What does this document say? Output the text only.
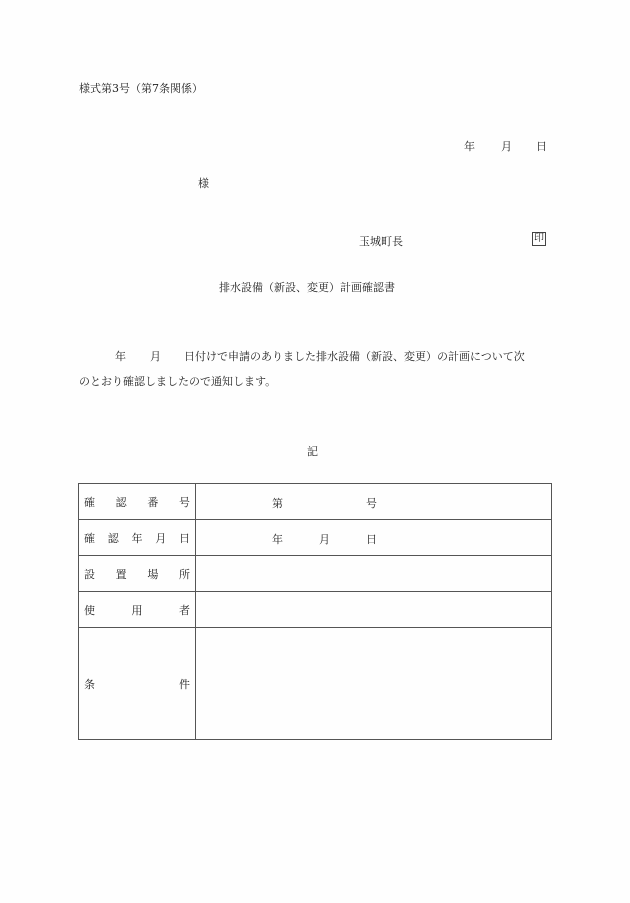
様式第3号（第7条関係）
年 月 日
様
玉城町長	印
排水設備（新設、変更）計画確認書
年 月 日付けで申請のありました排水設備（新設、変更）の計画について次
のとおり確認しましたので通知します。
記
確 認 番 号	第 号

確 認 年 月 日	年 月 日

設 置 場 所	

使 用 者	

条 件	
